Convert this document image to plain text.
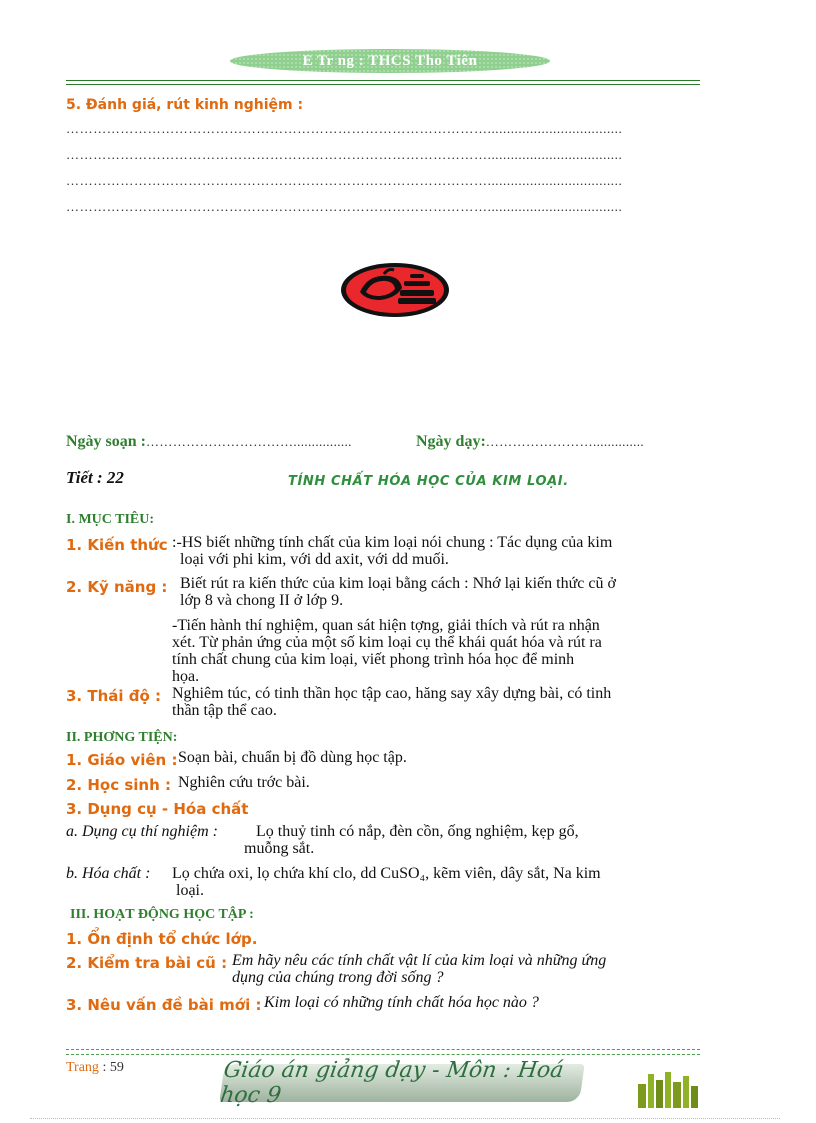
E Tr ng : THCS Tho Tiên
5. Đánh giá, rút kinh nghiệm :
…………………………………………………………………………………...................................
…………………………………………………………………………………...................................
…………………………………………………………………………………...................................
…………………………………………………………………………………...................................
Ngày soạn :……………………………................	Ngày dạy:……………………..............
Tiết : 22	TÍNH CHẤT HÓA HỌC CỦA KIM LOẠI.
I. MỤC TIÊU:
1. Kiến thức :-HS biết những tính chất của kim loại nói chung : Tác dụng của kim
loại với phi kim, với dd axit, với dd muối.
2. Kỹ năng : Biết rút ra kiến thức của kim loại bằng cách : Nhớ lại kiến thức cũ ở
lớp 8 và chong II ở lớp 9.
-Tiến hành thí nghiệm, quan sát hiện tợng, giải thích và rút ra nhận
xét. Từ phản ứng của một số kim loại cụ thể khái quát hóa và rút ra
tính chất chung của kim loại, viết phong trình hóa học để minh
họa.
3. Thái độ : Nghiêm túc, có tinh thần học tập cao, hăng say xây dựng bài, có tinh
thần tập thể cao.
II. PHƠNG TIỆN:
1. Giáo viên : Soạn bài, chuẩn bị đồ dùng học tập.
2. Học sinh : Nghiên cứu trớc bài.
3. Dụng cụ - Hóa chất
a. Dụng cụ thí nghiệm : Lọ thuỷ tinh có nắp, đèn cồn, ống nghiệm, kẹp gổ,
muỗng sắt.
b. Hóa chất : Lọ chứa oxi, lọ chứa khí clo, dd CuSO₄, kẽm viên, dây sắt, Na kim
loại.
III. HOẠT ĐỘNG HỌC TẬP :
1. Ổn định tổ chức lớp.
2. Kiểm tra bài cũ : Em hãy nêu các tính chất vật lí của kim loại và những ứng
dụng của chúng trong đời sống ?
3. Nêu vấn đề bài mới : Kim loại có những tính chất hóa học nào ?
Trang : 59	Giáo án giảng dạy - Môn : Hoá học 9
